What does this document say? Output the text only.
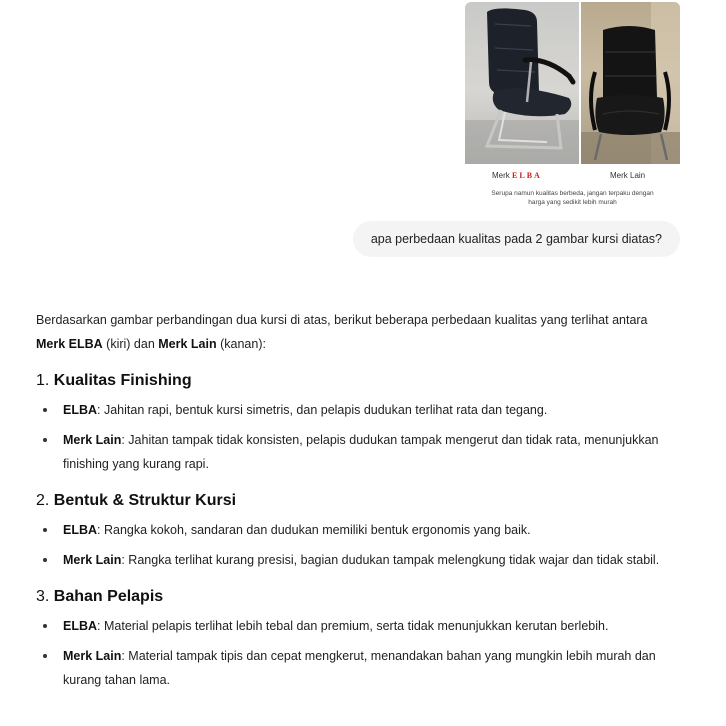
Merk ELBA	Merk Lain
Serupa namun kualitas berbeda, jangan terpaku dengan
harga yang sedikit lebih murah
apa perbedaan kualitas pada 2 gambar kursi diatas?

Berdasarkan gambar perbandingan dua kursi di atas, berikut beberapa perbedaan kualitas yang terlihat antara Merk ELBA (kiri) dan Merk Lain (kanan):

1. Kualitas Finishing
ELBA: Jahitan rapi, bentuk kursi simetris, dan pelapis dudukan terlihat rata dan tegang.
Merk Lain: Jahitan tampak tidak konsisten, pelapis dudukan tampak mengerut dan tidak rata, menunjukkan finishing yang kurang rapi.
2. Bentuk & Struktur Kursi
ELBA: Rangka kokoh, sandaran dan dudukan memiliki bentuk ergonomis yang baik.
Merk Lain: Rangka terlihat kurang presisi, bagian dudukan tampak melengkung tidak wajar dan tidak stabil.
3. Bahan Pelapis
ELBA: Material pelapis terlihat lebih tebal dan premium, serta tidak menunjukkan kerutan berlebih.
Merk Lain: Material tampak tipis dan cepat mengkerut, menandakan bahan yang mungkin lebih murah dan kurang tahan lama.
